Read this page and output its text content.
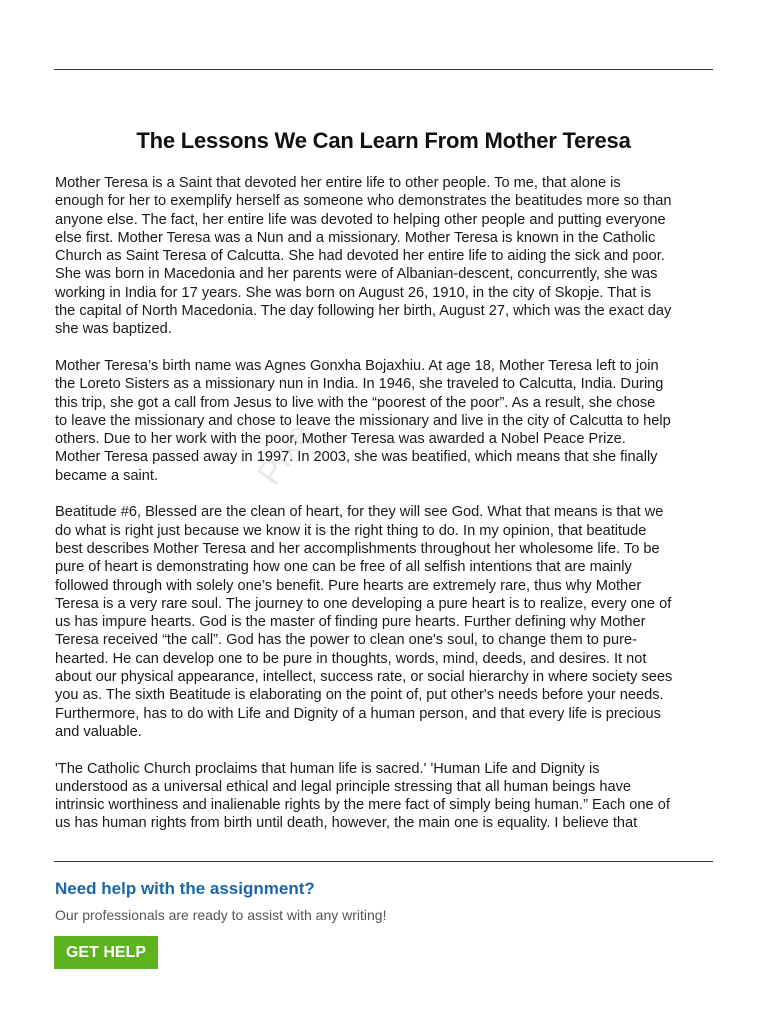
The Lessons We Can Learn From Mother Teresa
Pixe

Mother Teresa is a Saint that devoted her entire life to other people. To me, that alone is
enough for her to exemplify herself as someone who demonstrates the beatitudes more so than
anyone else. The fact, her entire life was devoted to helping other people and putting everyone
else first. Mother Teresa was a Nun and a missionary. Mother Teresa is known in the Catholic
Church as Saint Teresa of Calcutta. She had devoted her entire life to aiding the sick and poor.
She was born in Macedonia and her parents were of Albanian-descent, concurrently, she was
working in India for 17 years. She was born on August 26, 1910, in the city of Skopje. That is
the capital of North Macedonia. The day following her birth, August 27, which was the exact day
she was baptized.

Mother Teresa’s birth name was Agnes Gonxha Bojaxhiu. At age 18, Mother Teresa left to join
the Loreto Sisters as a missionary nun in India. In 1946, she traveled to Calcutta, India. During
this trip, she got a call from Jesus to live with the “poorest of the poor”. As a result, she chose
to leave the missionary and chose to leave the missionary and live in the city of Calcutta to help
others. Due to her work with the poor, Mother Teresa was awarded a Nobel Peace Prize.
Mother Teresa passed away in 1997. In 2003, she was beatified, which means that she finally
became a saint.

Beatitude #6, Blessed are the clean of heart, for they will see God. What that means is that we
do what is right just because we know it is the right thing to do. In my opinion, that beatitude
best describes Mother Teresa and her accomplishments throughout her wholesome life. To be
pure of heart is demonstrating how one can be free of all selfish intentions that are mainly
followed through with solely one’s benefit. Pure hearts are extremely rare, thus why Mother
Teresa is a very rare soul. The journey to one developing a pure heart is to realize, every one of
us has impure hearts. God is the master of finding pure hearts. Further defining why Mother
Teresa received “the call”. God has the power to clean one's soul, to change them to pure-
hearted. He can develop one to be pure in thoughts, words, mind, deeds, and desires. It not
about our physical appearance, intellect, success rate, or social hierarchy in where society sees
you as. The sixth Beatitude is elaborating on the point of, put other's needs before your needs.
Furthermore, has to do with Life and Dignity of a human person, and that every life is precious
and valuable.

'The Catholic Church proclaims that human life is sacred.' 'Human Life and Dignity is
understood as a universal ethical and legal principle stressing that all human beings have
intrinsic worthiness and inalienable rights by the mere fact of simply being human.” Each one of
us has human rights from birth until death, however, the main one is equality. I believe that

Need help with the assignment?

Our professionals are ready to assist with any writing!

GET HELP
